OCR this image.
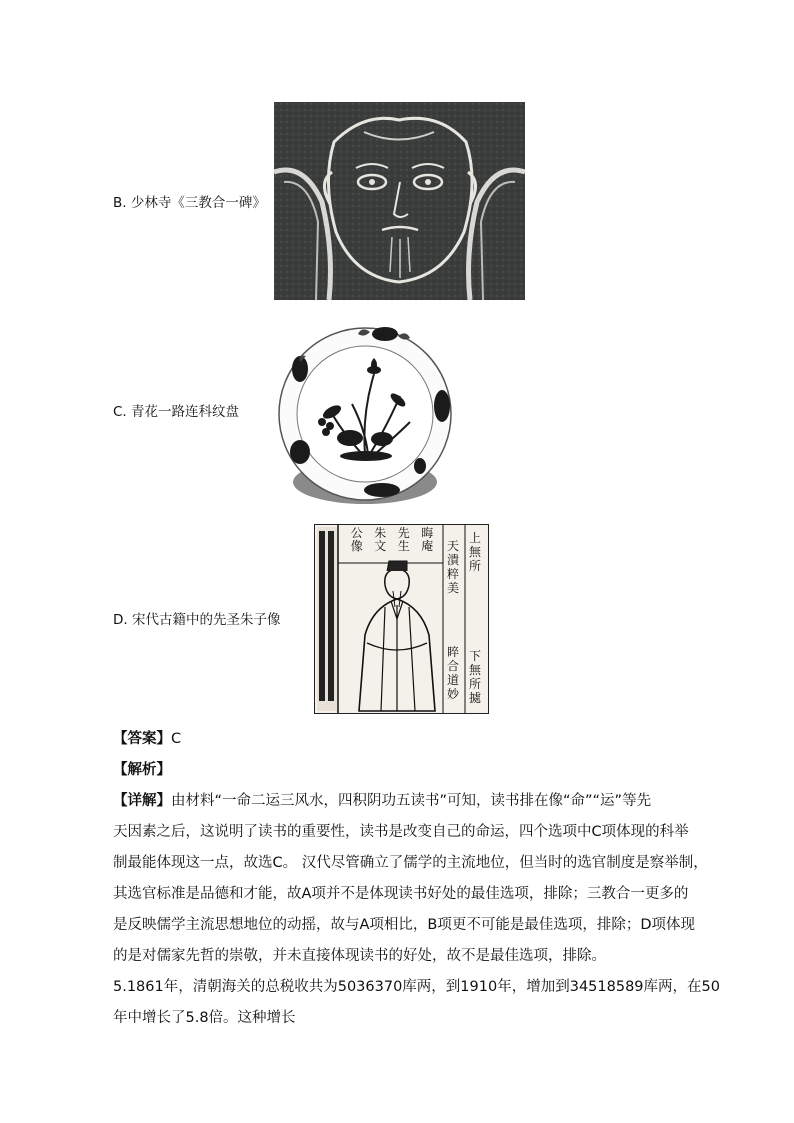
B. 少林寺《三教合一碑》
C. 青花一路连科纹盘
D. 宋代古籍中的先圣朱子像
晦
先
朱
公
庵
生
文
像
上無所
天潰粹美
睟合道妙
下無所㨿
【答案】C
【解析】
【详解】由材料“一命二运三风水，四积阴功五读书”可知，读书排在像“命”“运”等先
天因素之后，这说明了读书的重要性，读书是改变自己的命运，四个选项中C项体现的科举
制最能体现这一点，故选C。 汉代尽管确立了儒学的主流地位，但当时的选官制度是察举制，
其选官标准是品德和才能，故A项并不是体现读书好处的最佳选项，排除；三教合一更多的
是反映儒学主流思想地位的动摇，故与A项相比，B项更不可能是最佳选项，排除；D项体现
的是对儒家先哲的崇敬，并未直接体现读书的好处，故不是最佳选项，排除。
5.1861年，清朝海关的总税收共为5036370库两，到1910年，增加到34518589库两，在50
年中增长了5.8倍。这种增长
